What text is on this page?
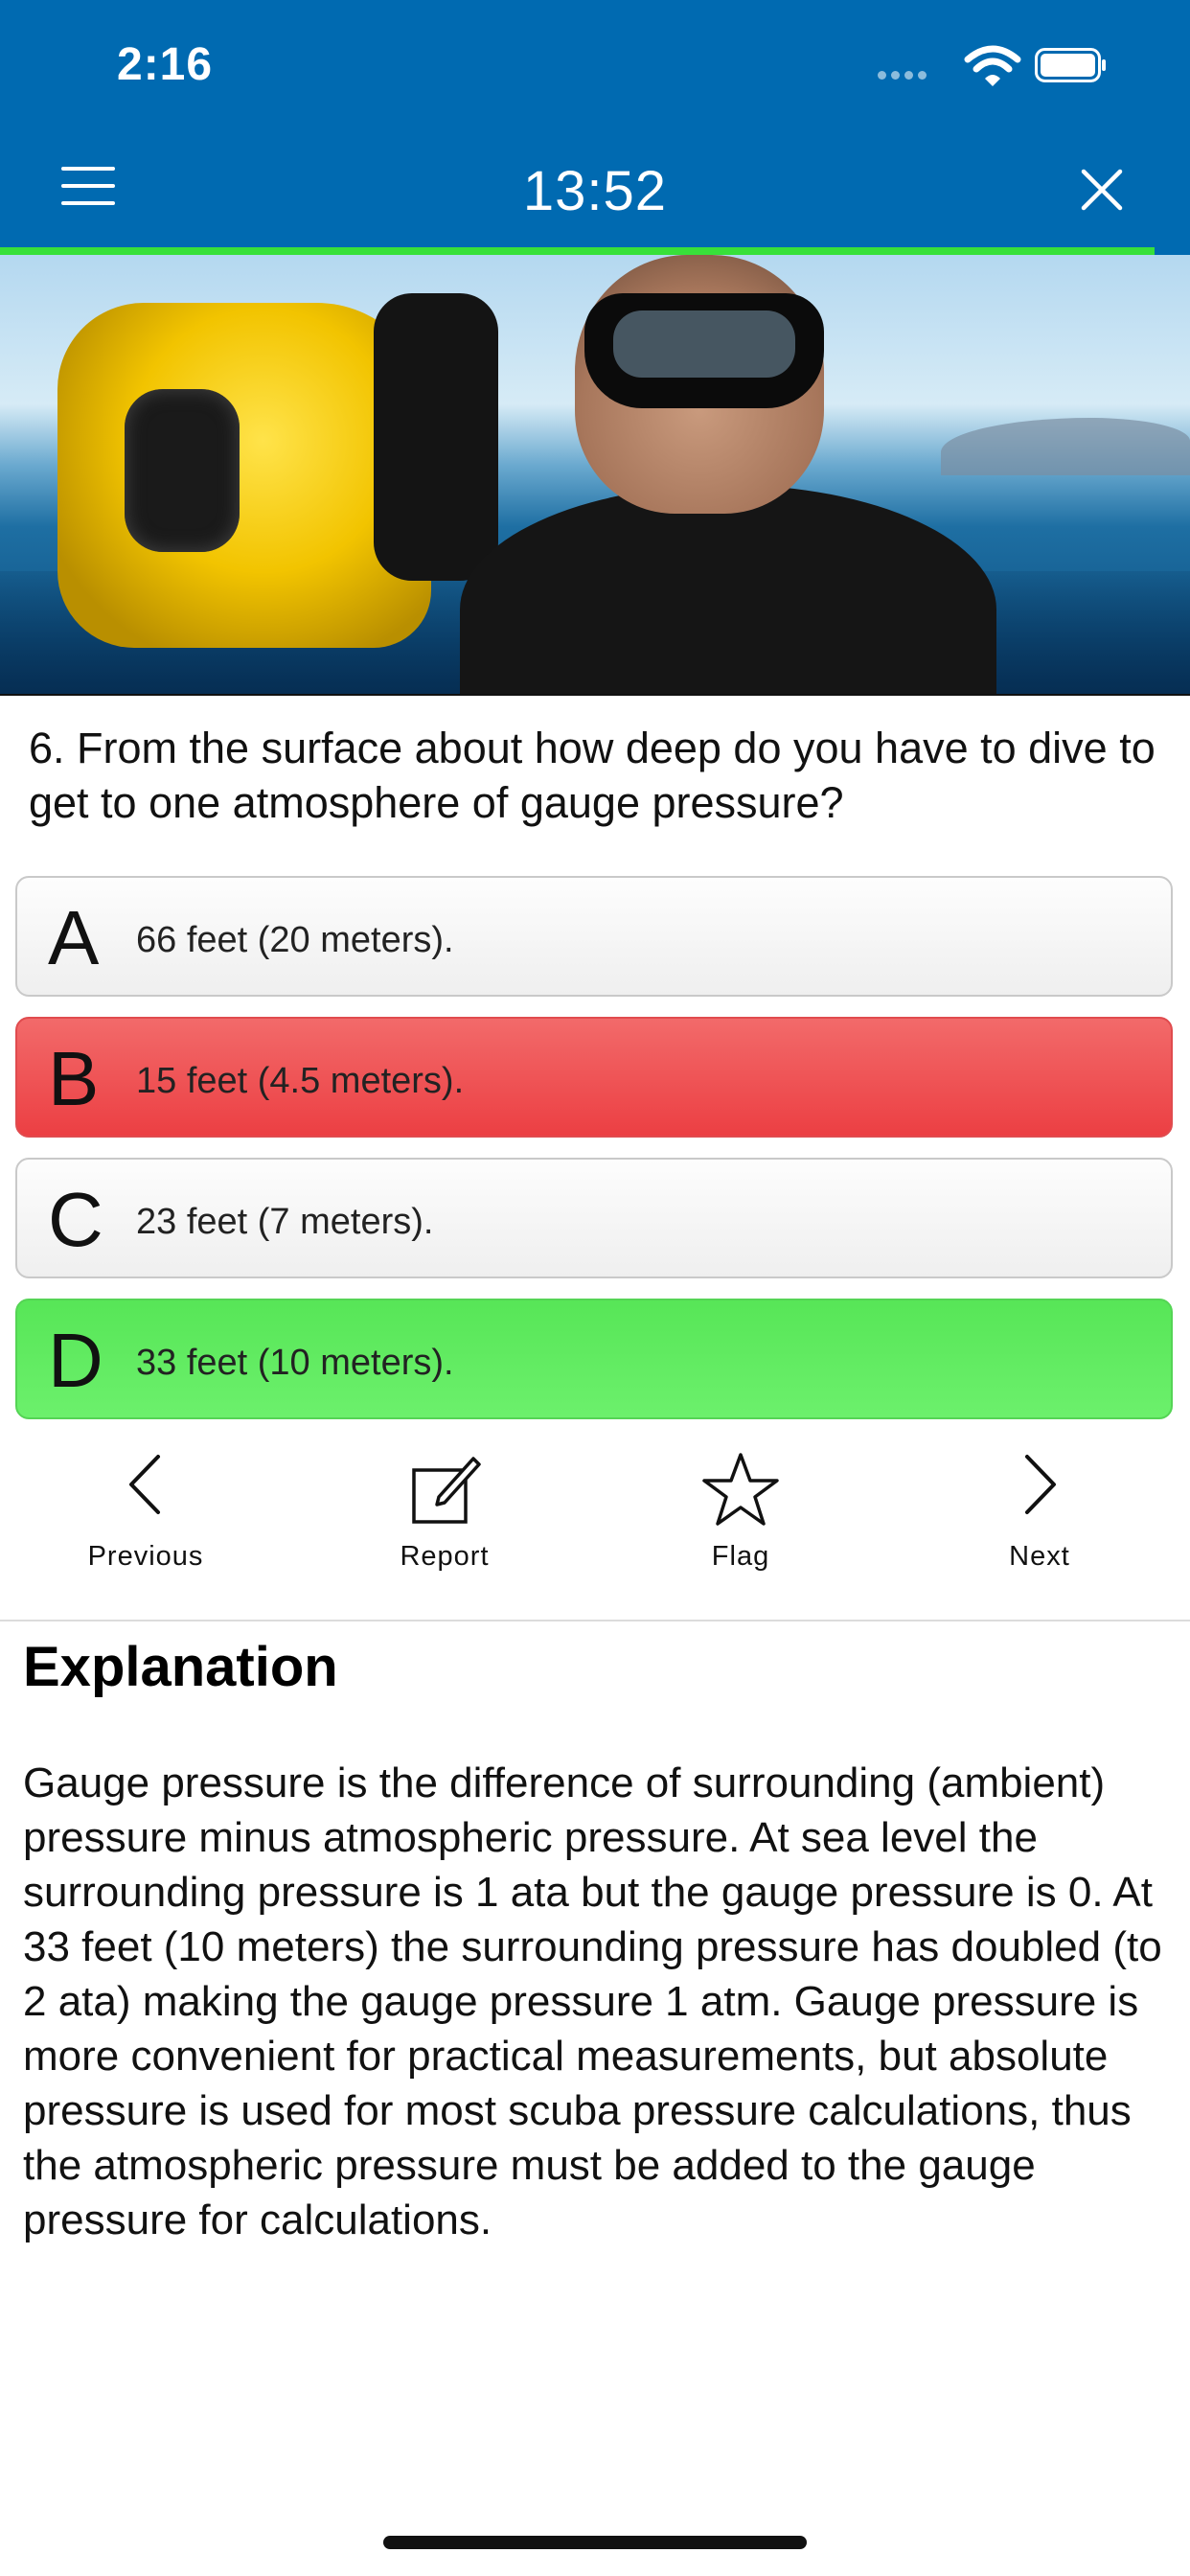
2:16
13:52
6. From the surface about how deep do you have to dive to get to one atmosphere of gauge pressure?
A 66 feet (20 meters).
B 15 feet (4.5 meters).
C 23 feet (7 meters).
D 33 feet (10 meters).
Previous	Report	Flag	Next
Explanation
Gauge pressure is the difference of surrounding (ambient) pressure minus atmospheric pressure. At sea level the surrounding pressure is 1 ata but the gauge pressure is 0. At 33 feet (10 meters) the surrounding pressure has doubled (to 2 ata) making the gauge pressure 1 atm. Gauge pressure is more convenient for practical measurements, but absolute pressure is used for most scuba pressure calculations, thus the atmospheric pressure must be added to the gauge pressure for calculations.
